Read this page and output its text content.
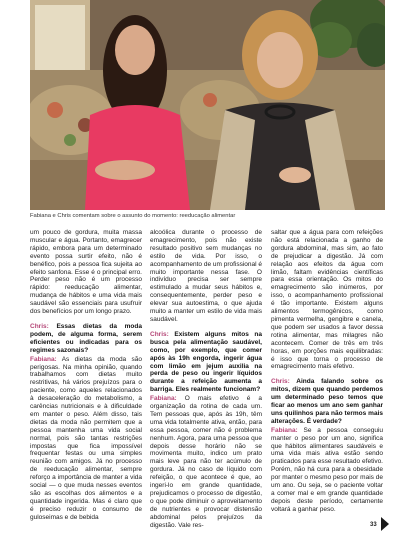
Fabiana e Chris comentam sobre o assunto do momento: reeducação alimentar

um pouco de gordura, muita massa muscular e água. Portanto, emagrecer rápido, embora para um determinado evento possa surtir efeito, não é benéfico, pois a pessoa fica sujeita ao efeito sanfona. Esse é o principal erro. Perder peso não é um processo rápido: reeducação alimentar, mudança de hábitos e uma vida mais saudável são essenciais para usufruir dos benefícios por um longo prazo.

Chris: Essas dietas da moda podem, de alguma forma, serem eficientes ou indicadas para os regimes sazonais?

Fabiana: As dietas da moda são perigosas. Na minha opinião, quando trabalhamos com dietas muito restritivas, há vários prejuízos para o paciente, como aqueles relacionados à desaceleração do metabolismo, a carências nutricionais e à dificuldade em manter o peso. Além disso, tais dietas da moda não permitem que a pessoa mantenha uma vida social normal, pois são tantas restrições impostas que fica impossível frequentar festas ou uma simples reunião com amigos. Já no processo de reeducação alimentar, sempre reforço a importância de manter a vida social — o que muda nesses eventos são as escolhas dos alimentos e a quantidade ingerida. Mas é claro que é preciso reduzir o consumo de guloseimas e de bebida

alcoólica durante o processo de emagrecimento, pois não existe resultado positivo sem mudanças no estilo de vida. Por isso, o acompanhamento de um profissional é muito importante nessa fase. O indivíduo precisa ser sempre estimulado a mudar seus hábitos e, consequentemente, perder peso e elevar sua autoestima, o que ajuda muito a manter um estilo de vida mais saudável.

Chris: Existem alguns mitos na busca pela alimentação saudável, como, por exemplo, que comer após às 19h engorda, ingerir água com limão em jejum auxilia na perda de peso ou ingerir líquidos durante a refeição aumenta a barriga. Eles realmente funcionam?

Fabiana: O mais efetivo é a organização da rotina de cada um. Tem pessoas que, após às 19h, têm uma vida totalmente ativa, então, para essa pessoa, comer não é problema nenhum. Agora, para uma pessoa que depois desse horário não se movimenta muito, indico um prato mais leve para não ter acúmulo de gordura. Já no caso de líquido com refeição, o que acontece é que, ao ingeri-lo em grande quantidade, prejudicamos o processo de digestão, o que pode diminuir o aproveitamento de nutrientes e provocar distensão abdominal pelos prejuízos da digestão. Vale res-

saltar que a água para com refeições não está relacionada a ganho de gordura abdominal, mas sim, ao fato de prejudicar a digestão. Já com relação aos efeitos da água com limão, faltam evidências científicas para essa orientação. Os mitos do emagrecimento são inúmeros, por isso, o acompanhamento profissional é tão importante. Existem alguns alimentos termogênicos, como pimenta vermelha, gengibre e canela, que podem ser usados a favor dessa rotina alimentar, mas milagres não acontecem. Comer de três em três horas, em porções mais equilibradas: é isso que torna o processo de emagrecimento mais efetivo.

Chris: Ainda falando sobre os mitos, dizem que quando perdemos um determinado peso temos que ficar ao menos um ano sem ganhar uns quilinhos para não termos mais alterações. É verdade?

Fabiana: Se a pessoa conseguiu manter o peso por um ano, significa que hábitos alimentares saudáveis e uma vida mais ativa estão sendo praticados para esse resultado efetivo. Porém, não há cura para a obesidade por manter o mesmo peso por mais de um ano. Ou seja, se o paciente voltar a comer mal e em grande quantidade depois deste período, certamente voltará a ganhar peso.

33
